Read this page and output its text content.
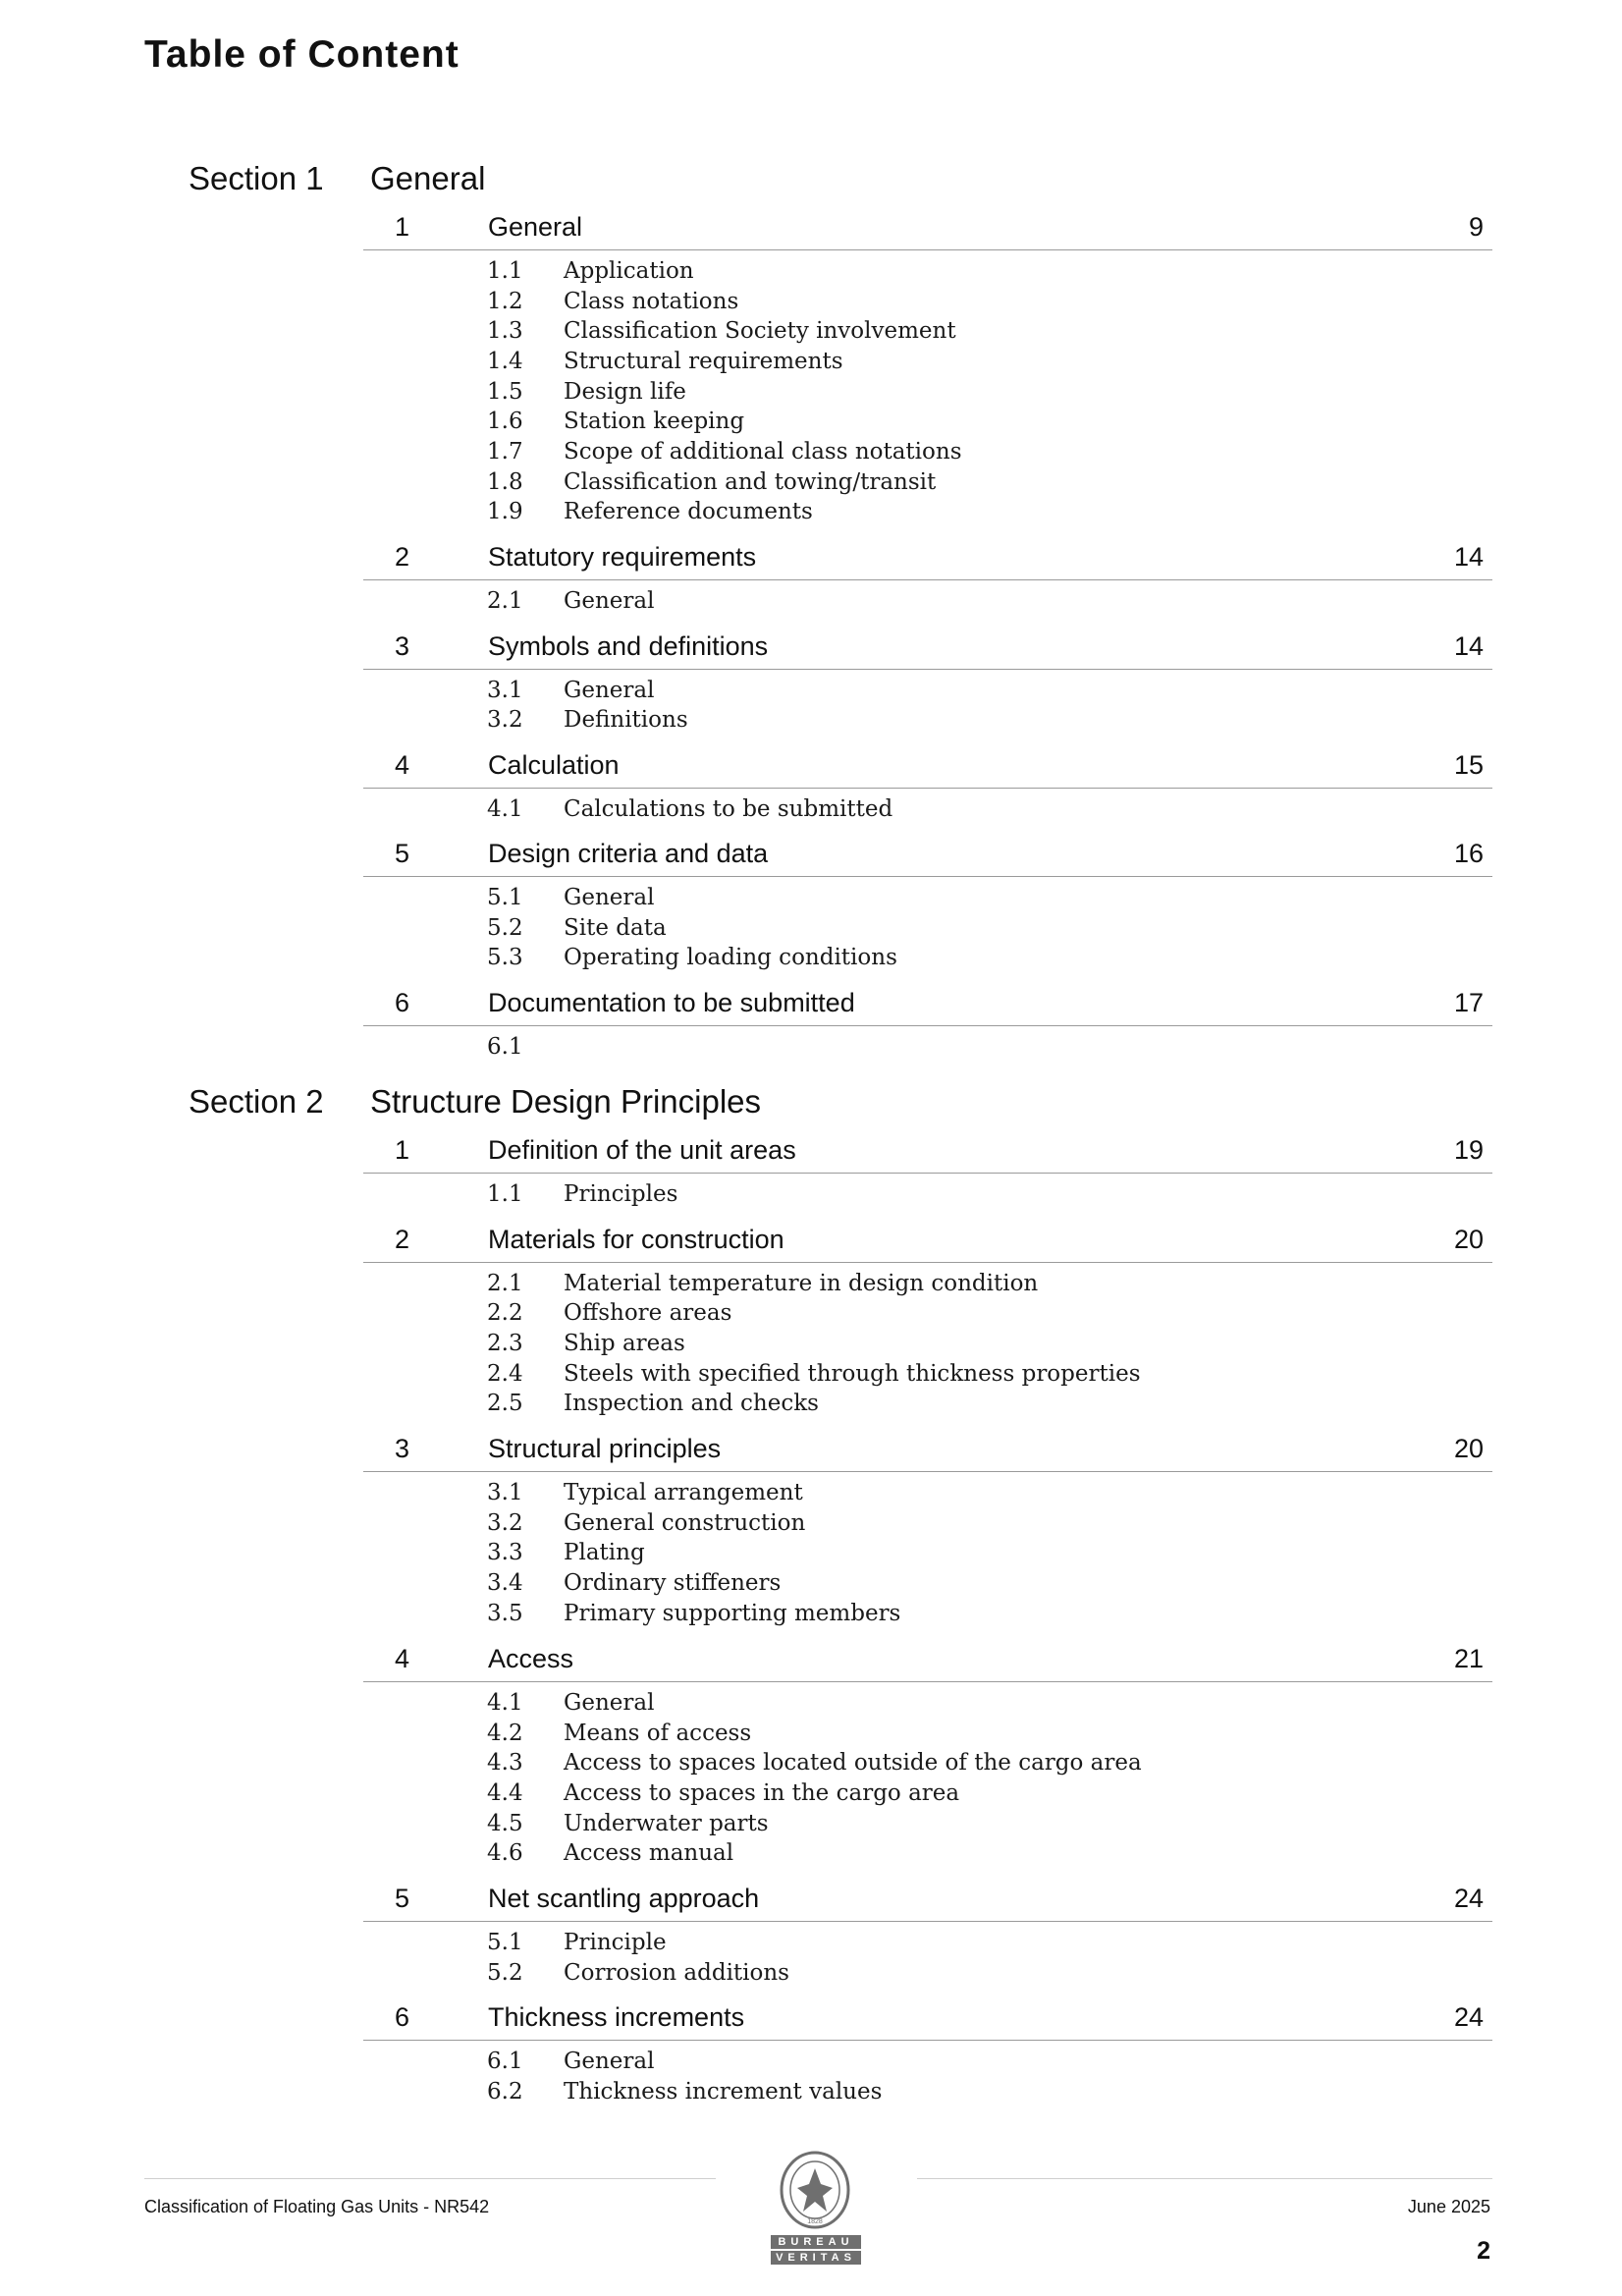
Table of Content
Section 1 General
1	General	9
1.1 Application
1.2 Class notations
1.3 Classification Society involvement
1.4 Structural requirements
1.5 Design life
1.6 Station keeping
1.7 Scope of additional class notations
1.8 Classification and towing/transit
1.9 Reference documents
2	Statutory requirements	14
2.1 General
3	Symbols and definitions	14
3.1 General
3.2 Definitions
4	Calculation	15
4.1 Calculations to be submitted
5	Design criteria and data	16
5.1 General
5.2 Site data
5.3 Operating loading conditions
6	Documentation to be submitted	17
6.1
Section 2 Structure Design Principles
1	Definition of the unit areas	19
1.1 Principles
2	Materials for construction	20
2.1 Material temperature in design condition
2.2 Offshore areas
2.3 Ship areas
2.4 Steels with specified through thickness properties
2.5 Inspection and checks
3	Structural principles	20
3.1 Typical arrangement
3.2 General construction
3.3 Plating
3.4 Ordinary stiffeners
3.5 Primary supporting members
4	Access	21
4.1 General
4.2 Means of access
4.3 Access to spaces located outside of the cargo area
4.4 Access to spaces in the cargo area
4.5 Underwater parts
4.6 Access manual
5	Net scantling approach	24
5.1 Principle
5.2 Corrosion additions
6	Thickness increments	24
6.1 General
6.2 Thickness increment values
1828
BUREAU
VERITAS
Classification of Floating Gas Units - NR542	June 2025
2
